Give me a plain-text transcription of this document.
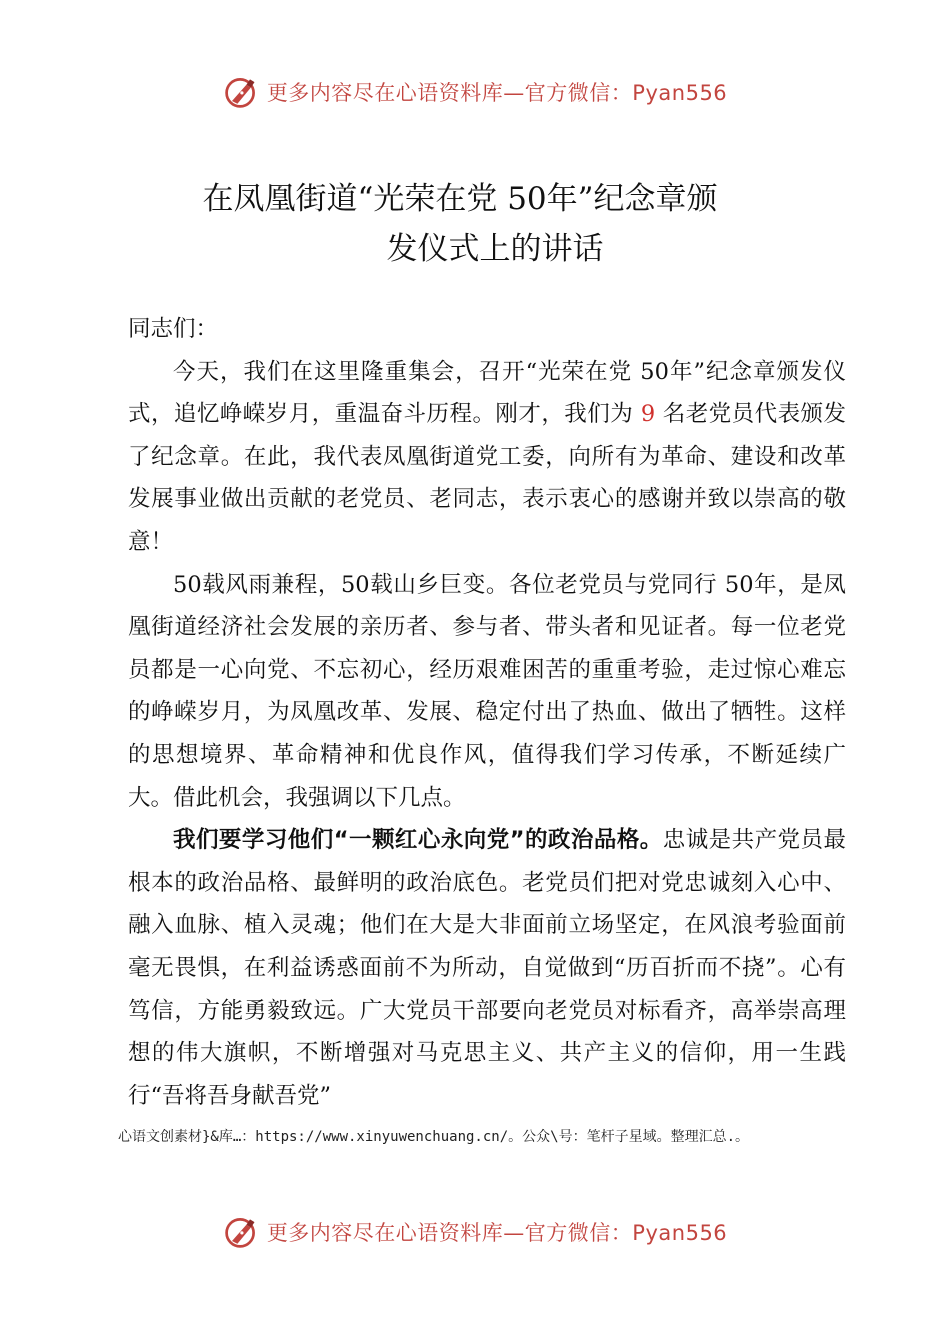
更多内容尽在心语资料库—官方微信：Pyan556
在凤凰街道“光荣在党 50年”纪念章颁
发仪式上的讲话

同志们：

今天，我们在这里隆重集会，召开“光荣在党 50年”纪念章颁发仪式，追忆峥嵘岁月，重温奋斗历程。刚才，我们为 9 名老党员代表颁发了纪念章。在此，我代表凤凰街道党工委，向所有为革命、建设和改革发展事业做出贡献的老党员、老同志，表示衷心的感谢并致以崇高的敬意！

50载风雨兼程，50载山乡巨变。各位老党员与党同行 50年，是凤凰街道经济社会发展的亲历者、参与者、带头者和见证者。每一位老党员都是一心向党、不忘初心，经历艰难困苦的重重考验，走过惊心难忘的峥嵘岁月，为凤凰改革、发展、稳定付出了热血、做出了牺牲。这样的思想境界、革命精神和优良作风，值得我们学习传承，不断延续广大。借此机会，我强调以下几点。

我们要学习他们“一颗红心永向党”的政治品格。忠诚是共产党员最根本的政治品格、最鲜明的政治底色。老党员们把对党忠诚刻入心中、融入血脉、植入灵魂；他们在大是大非面前立场坚定，在风浪考验面前毫无畏惧，在利益诱惑面前不为所动，自觉做到“历百折而不挠”。心有笃信，方能勇毅致远。广大党员干部要向老党员对标看齐，高举崇高理想的伟大旗帜，不断增强对马克思主义、共产主义的信仰，用一生践行“吾将吾身献吾党”

心语文创素材}&库…：https://www.xinyuwenchuang.cn/。公众\号：笔杆子星域。整理汇总.。
更多内容尽在心语资料库—官方微信：Pyan556
